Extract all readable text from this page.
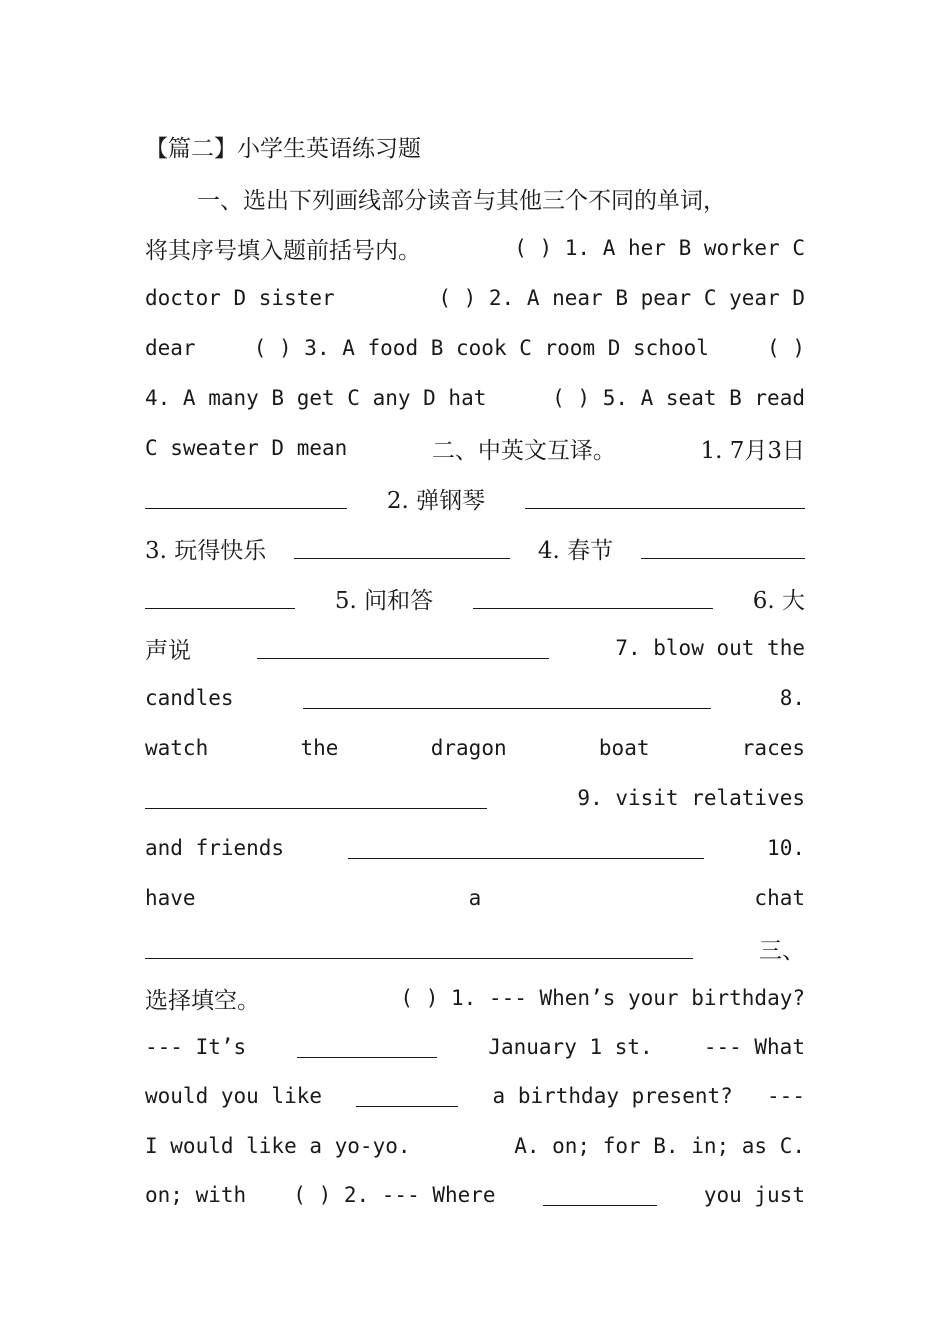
【篇二】小学生英语练习题
一、选出下列画线部分读音与其他三个不同的单词，
将其序号填入题前括号内。	( ) 1. A her B worker C
doctor D sister	( ) 2. A near B pear C year D
dear	( ) 3. A food B cook C room D school	( )
4. A many B get C any D hat	( ) 5. A seat B read
C sweater D mean	二、中英文互译。	1. 7月3日
2. 弹钢琴
3. 玩得快乐	4. 春节
5. 问和答	6. 大
声说	7. blow out the
candles	8.
watch	the	dragon	boat	races
9. visit relatives
and friends	10.
have	a	chat
三、
选择填空。	( ) 1. --- When’s your birthday?
--- It’s	January 1 st. --- What
would you like	a birthday present? ---
I would like a yo-yo.	A. on; for B. in; as C.
on; with ( ) 2. --- Where	you just
